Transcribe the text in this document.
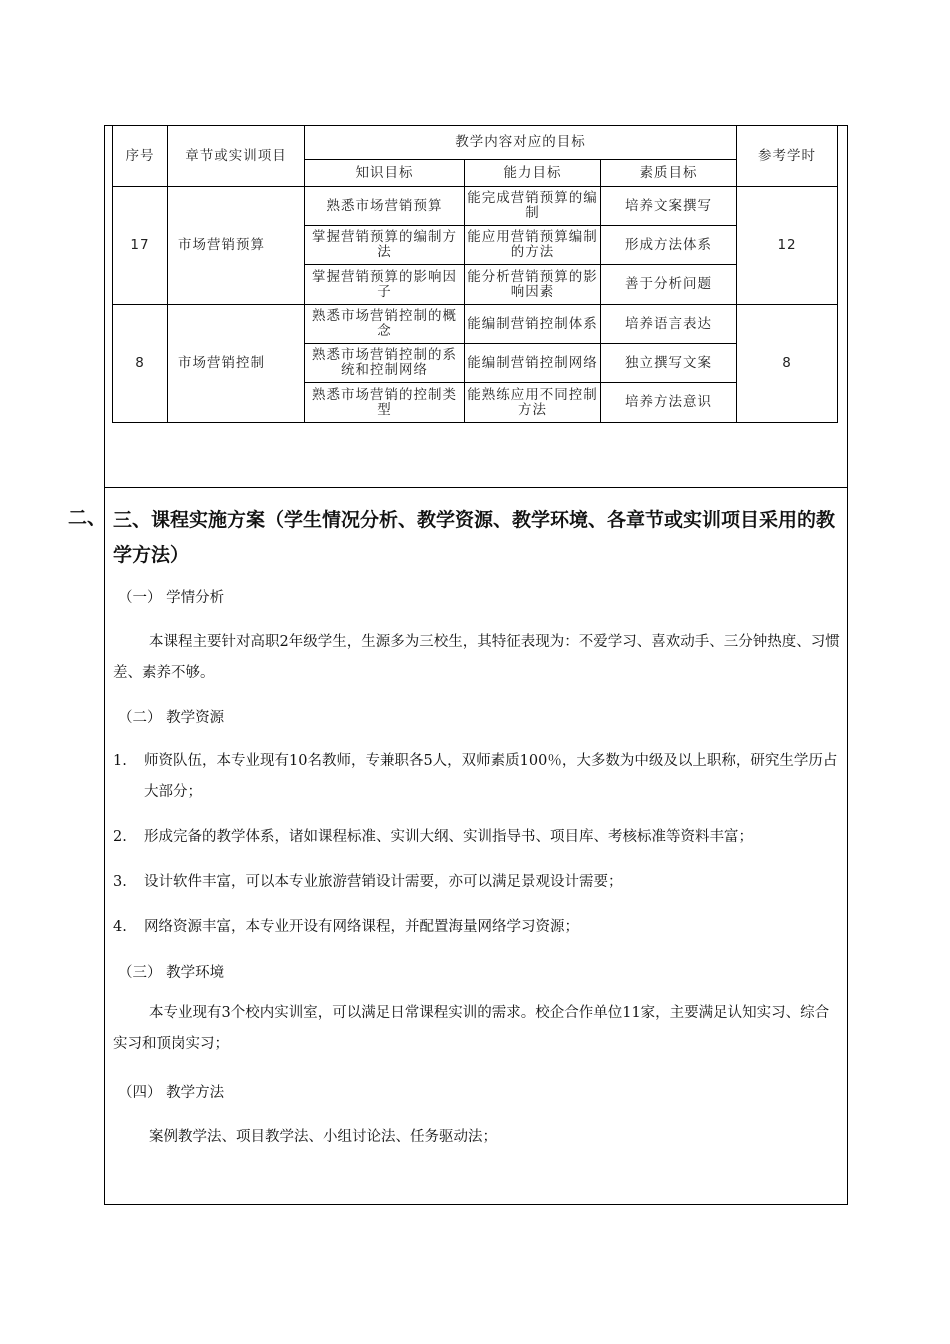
序号	章节或实训项目	教学内容对应的目标			参考学时
		知识目标	能力目标	素质目标	
17	市场营销预算	熟悉市场营销预算	能完成营销预算的编制	培养文案撰写	12
		掌握营销预算的编制方法	能应用营销预算编制的方法	形成方法体系	
		掌握营销预算的影响因子	能分析营销预算的影响因素	善于分析问题	
8	市场营销控制	熟悉市场营销控制的概念	能编制营销控制体系	培养语言表达	8
		熟悉市场营销控制的系统和控制网络	能编制营销控制网络	独立撰写文案	
		熟悉市场营销的控制类型	能熟练应用不同控制方法	培养方法意识	
二、 三、课程实施方案（学生情况分析、教学资源、教学环境、各章节或实训项目采用的教学方法）
（一） 学情分析
本课程主要针对高职2年级学生，生源多为三校生，其特征表现为：不爱学习、喜欢动手、三分钟热度、习惯差、素养不够。
（二） 教学资源
1.	师资队伍，本专业现有10名教师，专兼职各5人，双师素质100％，大多数为中级及以上职称，研究生学历占大部分；
2.	形成完备的教学体系，诸如课程标准、实训大纲、实训指导书、项目库、考核标准等资料丰富；
3.	设计软件丰富，可以本专业旅游营销设计需要，亦可以满足景观设计需要；
4.	网络资源丰富，本专业开设有网络课程，并配置海量网络学习资源；
（三） 教学环境
本专业现有3个校内实训室，可以满足日常课程实训的需求。校企合作单位11家，主要满足认知实习、综合实习和顶岗实习；
（四） 教学方法
案例教学法、项目教学法、小组讨论法、任务驱动法；
